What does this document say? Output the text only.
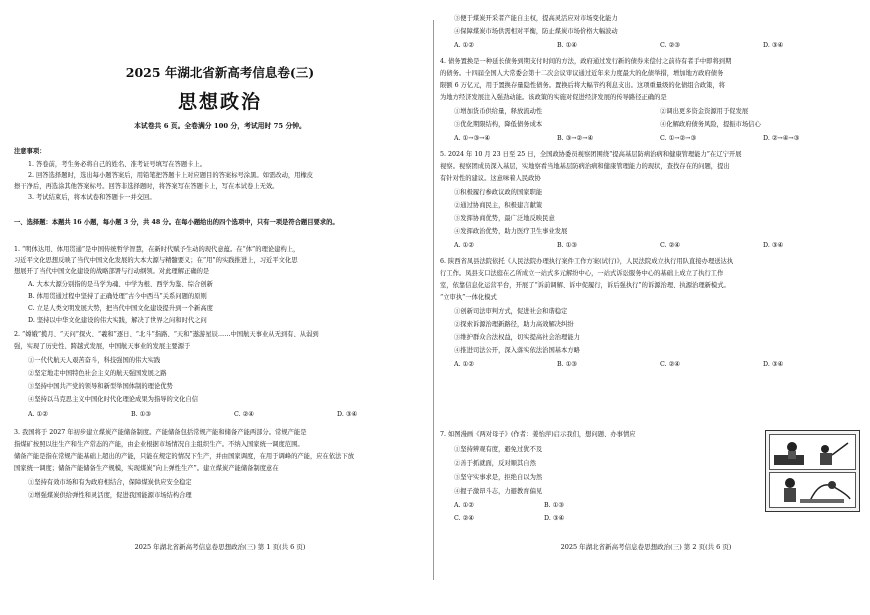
2025 年湖北省新高考信息卷(三)
思想政治
本试卷共 6 页。全卷满分 100 分，考试用时 75 分钟。
注意事项：
1. 答卷前，考生务必将自己的姓名、准考证号填写在答题卡上。
2. 回答选择题时，选出每小题答案后，用铅笔把答题卡上对应题目的答案标号涂黑。如需改动，用橡皮
擦干净后，再选涂其他答案标号。回答非选择题时，将答案写在答题卡上，写在本试卷上无效。
3. 考试结束后，将本试卷和答题卡一并交回。
一、选择题：本题共 16 小题，每小题 3 分，共 48 分。在每小题给出的四个选项中，只有一项是符合题目要求的。
1. “明体达用、体用贯通”是中国传统哲学智慧，在新时代赋予生动的现代意蕴。在“体”的理论建构上，
习近平文化思想反映了当代中国文化发展的大本大源与精髓要义；在“用”的实践推进上，习近平文化思
想展开了当代中国文化建设的战略部署与行动纲领。对此理解正确的是
A. 大本大源分别指的是马学为魂、中学为根、西学为鉴、综合创新
B. 体用贯通过程中坚持了正确处理“古今中西马”关系问题的原则
C. 立足人类文明发展大势，把当代中国文化建设提升到一个新高度
D. 坚持以中华文化建设的伟大实践，解决了世界之问和时代之问
2. “嫦娥”揽月、“天问”探火、“羲和”逐日、“北斗”指路、“天和”遨游星辰……中国航天事业从无到有、从弱到
强，实现了历史性、跨越式发展，中国航天事业的发展主要源于
①一代代航天人艰苦奋斗，科技强国的伟大实践
②坚定地走中国特色社会主义的航天强国发展之路
③坚持中国共产党的领导和新型举国体制的理论优势
④坚持以马克思主义中国化时代化理论成果为指导的文化自信
A. ①②	B. ①③	C. ②④	D. ③④
3. 我国将于 2027 年初步建立煤炭产能储备制度。产能储备包括常规产能和储备产能两部分。常规产能是
指煤矿按照以往生产和生产常态的产能，由企业根据市场情况自主组织生产。不纳入国家统一调度范围。
储备产能是指在常规产能基础上超出的产能，只能在规定的情况下生产，并由国家调度，在用于调峰的产能，应在依法下放
国家统一调度；储备产能储备生产规模，实现煤炭“向上弹性生产”。建立煤炭产能储备制度意在
①坚持有效市场和有为政府相结合，保障煤炭供应安全稳定
②增强煤炭供给弹性和灵活度，促进我国能源市场结构合理
2025 年湖北省新高考信息卷思想政治(三) 第 1 页(共 6 页)
③便于煤炭开采者产能自主权，提高灵活应对市场变化能力
④保障煤炭市场供需相对平衡，防止煤炭市场价格大幅波动
A. ①②	B. ①④	C. ②③	D. ③④
4. 债务置换是一种延长债务到期支付时间的方法，政府通过发行新的债券来偿付之前待有者手中即将到期
的债务。十四届全国人大常委会第十二次会议审议通过近年来力度最大的化债举措，增加地方政府债务
限额 6 万亿元，用于置换存量隐性债务。置换后将大幅节约利息支出。这项重量级的化债组合政策，将
为地方经济发展注入强劲动能。该政策的实施对促进经济发展的传导路径正确的是
①增加货币供给量，释放流动性	②调出更多资金资源用于促发展
③优化期限结构，降低债务成本	④化解政府债务风险，提振市场信心
A. ①→③→④	B. ③→②→④	C. ①→②→③	D. ②→④→③
5. 2024 年 10 月 23 日至 25 日，全国政协委员视察团围绕“提高基层防病治病和健康管理能力”在辽宁开展
视察。视察团成员深入基层，实地察看当地基层防病治病和健康管理能力的现状，查找存在的问题，提出
有针对性的建议。这意味着人民政协
①积极履行参政议政的国家职能
②通过协商民主，积极建言献策
③发挥协商优势，最广泛地反映民意
④发挥政治优势，助力医疗卫生事业发展
A. ①②	B. ①③	C. ②④	D. ③④
6. 陕西省凤县法院依托《人民法院办理执行案件工作方案(试行)》，人民法院成立执行用队直接办理送达执
行工作。凤县支口法庭在乙所成立一站式多元解纷中心，一站式诉讼服务中心的基础上成立了执行工作
室，依靠信息化运营平台，开展了“诉前调解、诉中促履行，诉后强执行”的诉源治理、执源治理新模式。
“立审执”一体化模式
①创新司法审判方式，促进社会和谐稳定
②探索诉源治理新路径，助力高效解决纠纷
③维护群众合法权益，切实提高社会治理能力
④推进司法公开，深入落实依法治国基本方略
A. ①②	B. ①③	C. ②④	D. ③④
7. 如图漫画《两对母子》(作者：姜怡萍)启示我们，想问题、办事情应
①坚持辨观有度，避免过犹不及
②善于抓就面，反对顺其自然
③坚守实事求是，拒绝自以为然
④握子激昂斗志，力避教育偏见
A. ①②	B. ①③
C. ②④	D. ③④
2025 年湖北省新高考信息卷思想政治(三) 第 2 页(共 6 页)
